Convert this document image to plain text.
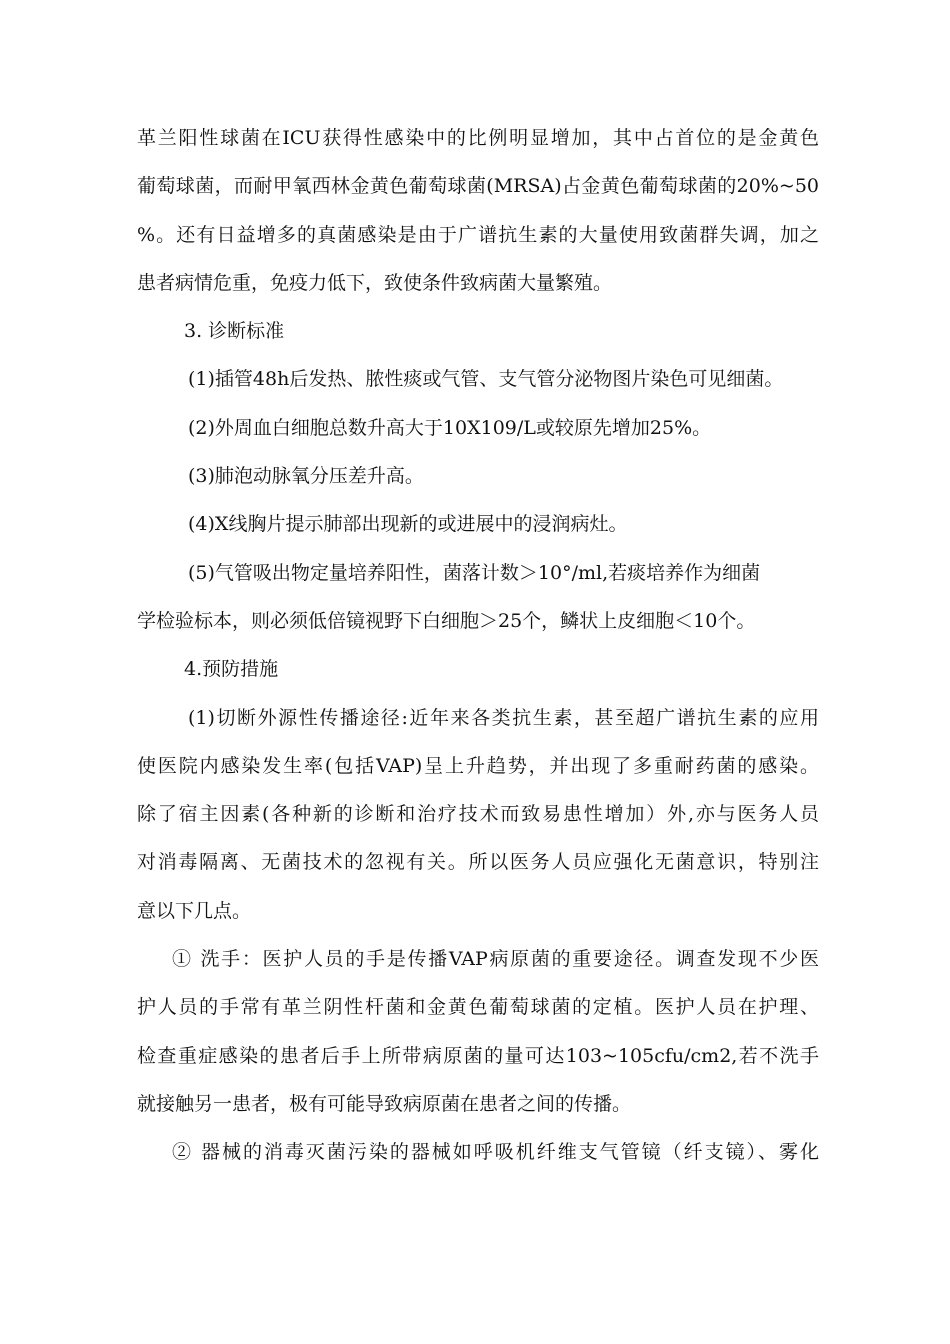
革兰阳性球菌在ICU获得性感染中的比例明显增加，其中占首位的是金黄色
葡萄球菌，而耐甲氧西林金黄色葡萄球菌(MRSA)占金黄色葡萄球菌的20%~50
%。还有日益增多的真菌感染是由于广谱抗生素的大量使用致菌群失调，加之
患者病情危重，免疫力低下，致使条件致病菌大量繁殖。
3. 诊断标准
(1)插管48h后发热、脓性痰或气管、支气管分泌物图片染色可见细菌。
(2)外周血白细胞总数升高大于10X109/L或较原先增加25%。
(3)肺泡动脉氧分压差升高。
(4)X线胸片提示肺部出现新的或进展中的浸润病灶。
(5)气管吸出物定量培养阳性，菌落计数＞10°/ml,若痰培养作为细菌
学检验标本，则必须低倍镜视野下白细胞＞25个，鳞状上皮细胞＜10个。
4.预防措施
(1)切断外源性传播途径:近年来各类抗生素，甚至超广谱抗生素的应用
使医院内感染发生率(包括VAP)呈上升趋势，并出现了多重耐药菌的感染。
除了宿主因素(各种新的诊断和治疗技术而致易患性增加）外,亦与医务人员
对消毒隔离、无菌技术的忽视有关。所以医务人员应强化无菌意识，特别注
意以下几点。
① 洗手：医护人员的手是传播VAP病原菌的重要途径。调查发现不少医
护人员的手常有革兰阴性杆菌和金黄色葡萄球菌的定植。医护人员在护理、
检查重症感染的患者后手上所带病原菌的量可达103~105cfu/cm2,若不洗手
就接触另一患者，极有可能导致病原菌在患者之间的传播。
② 器械的消毒灭菌污染的器械如呼吸机纤维支气管镜（纤支镜）、雾化
